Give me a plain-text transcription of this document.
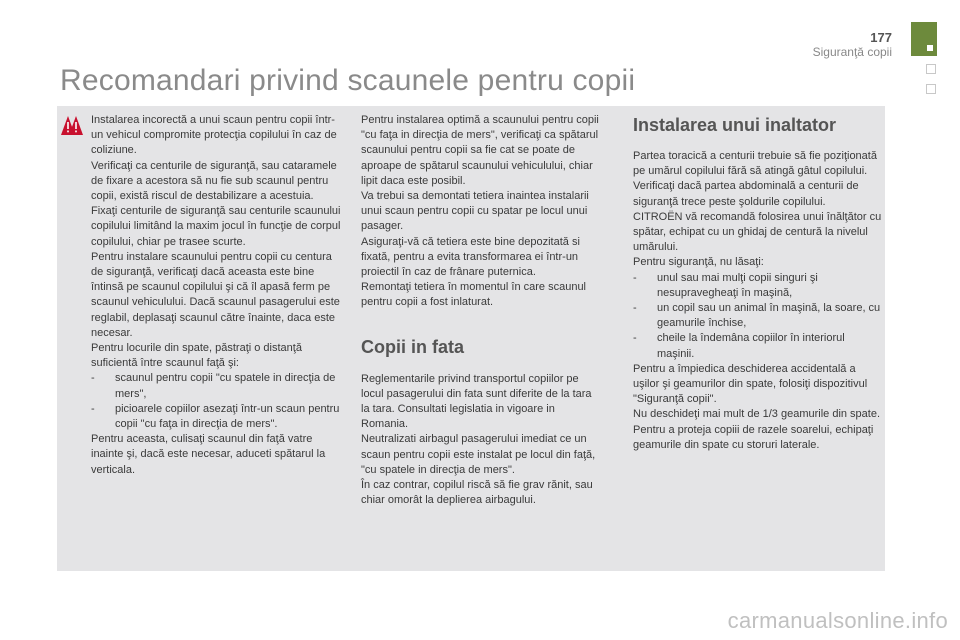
177
Siguranţă copii
Recomandari privind scaunele pentru copii

Instalarea incorectă a unui scaun pentru copii într-un vehicul compromite protecţia copilului în caz de coliziune.

Verificaţi ca centurile de siguranţă, sau cataramele de fixare a acestora să nu fie sub scaunul pentru copii, există riscul de destabilizare a acestuia.

Fixaţi centurile de siguranţă sau centurile scaunului copilului limitând la maxim jocul în funcţie de corpul copilului, chiar pe trasee scurte.

Pentru instalare scaunului pentru copii cu centura de siguranţă, verificaţi dacă aceasta este bine întinsă pe scaunul copilului şi că îl apasă ferm pe scaunul vehiculului. Dacă scaunul pasagerului este reglabil, deplasaţi scaunul către înainte, daca este necesar.

Pentru locurile din spate, păstraţi o distanţă suficientă între scaunul faţă şi:

- scaunul pentru copii "cu spatele in direcţia de mers",
- picioarele copiilor asezaţi într-un scaun pentru copii "cu faţa in direcţia de mers".

Pentru aceasta, culisaţi scaunul din faţă vatre inainte şi, dacă este necesar, aduceti spătarul la verticala.

Pentru instalarea optimă a scaunului pentru copii "cu faţa in direcţia de mers", verificaţi ca spătarul scaunului pentru copii sa fie cat se poate de aproape de spătarul scaunului vehiculului, chiar lipit daca este posibil.

Va trebui sa demontati tetiera inaintea instalarii unui scaun pentru copii cu spatar pe locul unui pasager.

Asiguraţi-vă că tetiera este bine depozitată si fixată, pentru a evita transformarea ei într-un proiectil în caz de frânare puternica.

Remontaţi tetiera în momentul în care scaunul pentru copii a fost inlaturat.

Copii in fata

Reglementarile privind transportul copiilor pe locul pasagerului din fata sunt diferite de la tara la tara. Consultati legislatia in vigoare in Romania.

Neutralizati airbagul pasagerului imediat ce un scaun pentru copii este instalat pe locul din faţă, "cu spatele in direcţia de mers".

În caz contrar, copilul riscă să fie grav rănit, sau chiar omorât la deplierea airbagului.

Instalarea unui inaltator

Partea toracică a centurii trebuie să fie poziţionată pe umărul copilului fără să atingă gâtul copilului.

Verificaţi dacă partea abdominală a centurii de siguranţă trece peste şoldurile copilului.

CITROËN vă recomandă folosirea unui înălţător cu spătar, echipat cu un ghidaj de centură la nivelul umărului.

Pentru siguranţă, nu lăsaţi:

- unul sau mai mulţi copii singuri şi nesupravegheaţi în maşină,
- un copil sau un animal în maşină, la soare, cu geamurile închise,
- cheile la îndemâna copiilor în interiorul maşinii.

Pentru a împiedica deschiderea accidentală a uşilor şi geamurilor din spate, folosiţi dispozitivul "Siguranţă copii".

Nu deschideţi mai mult de 1/3 geamurile din spate.

Pentru a proteja copiii de razele soarelui, echipaţi geamurile din spate cu storuri laterale.

carmanualsonline.info
